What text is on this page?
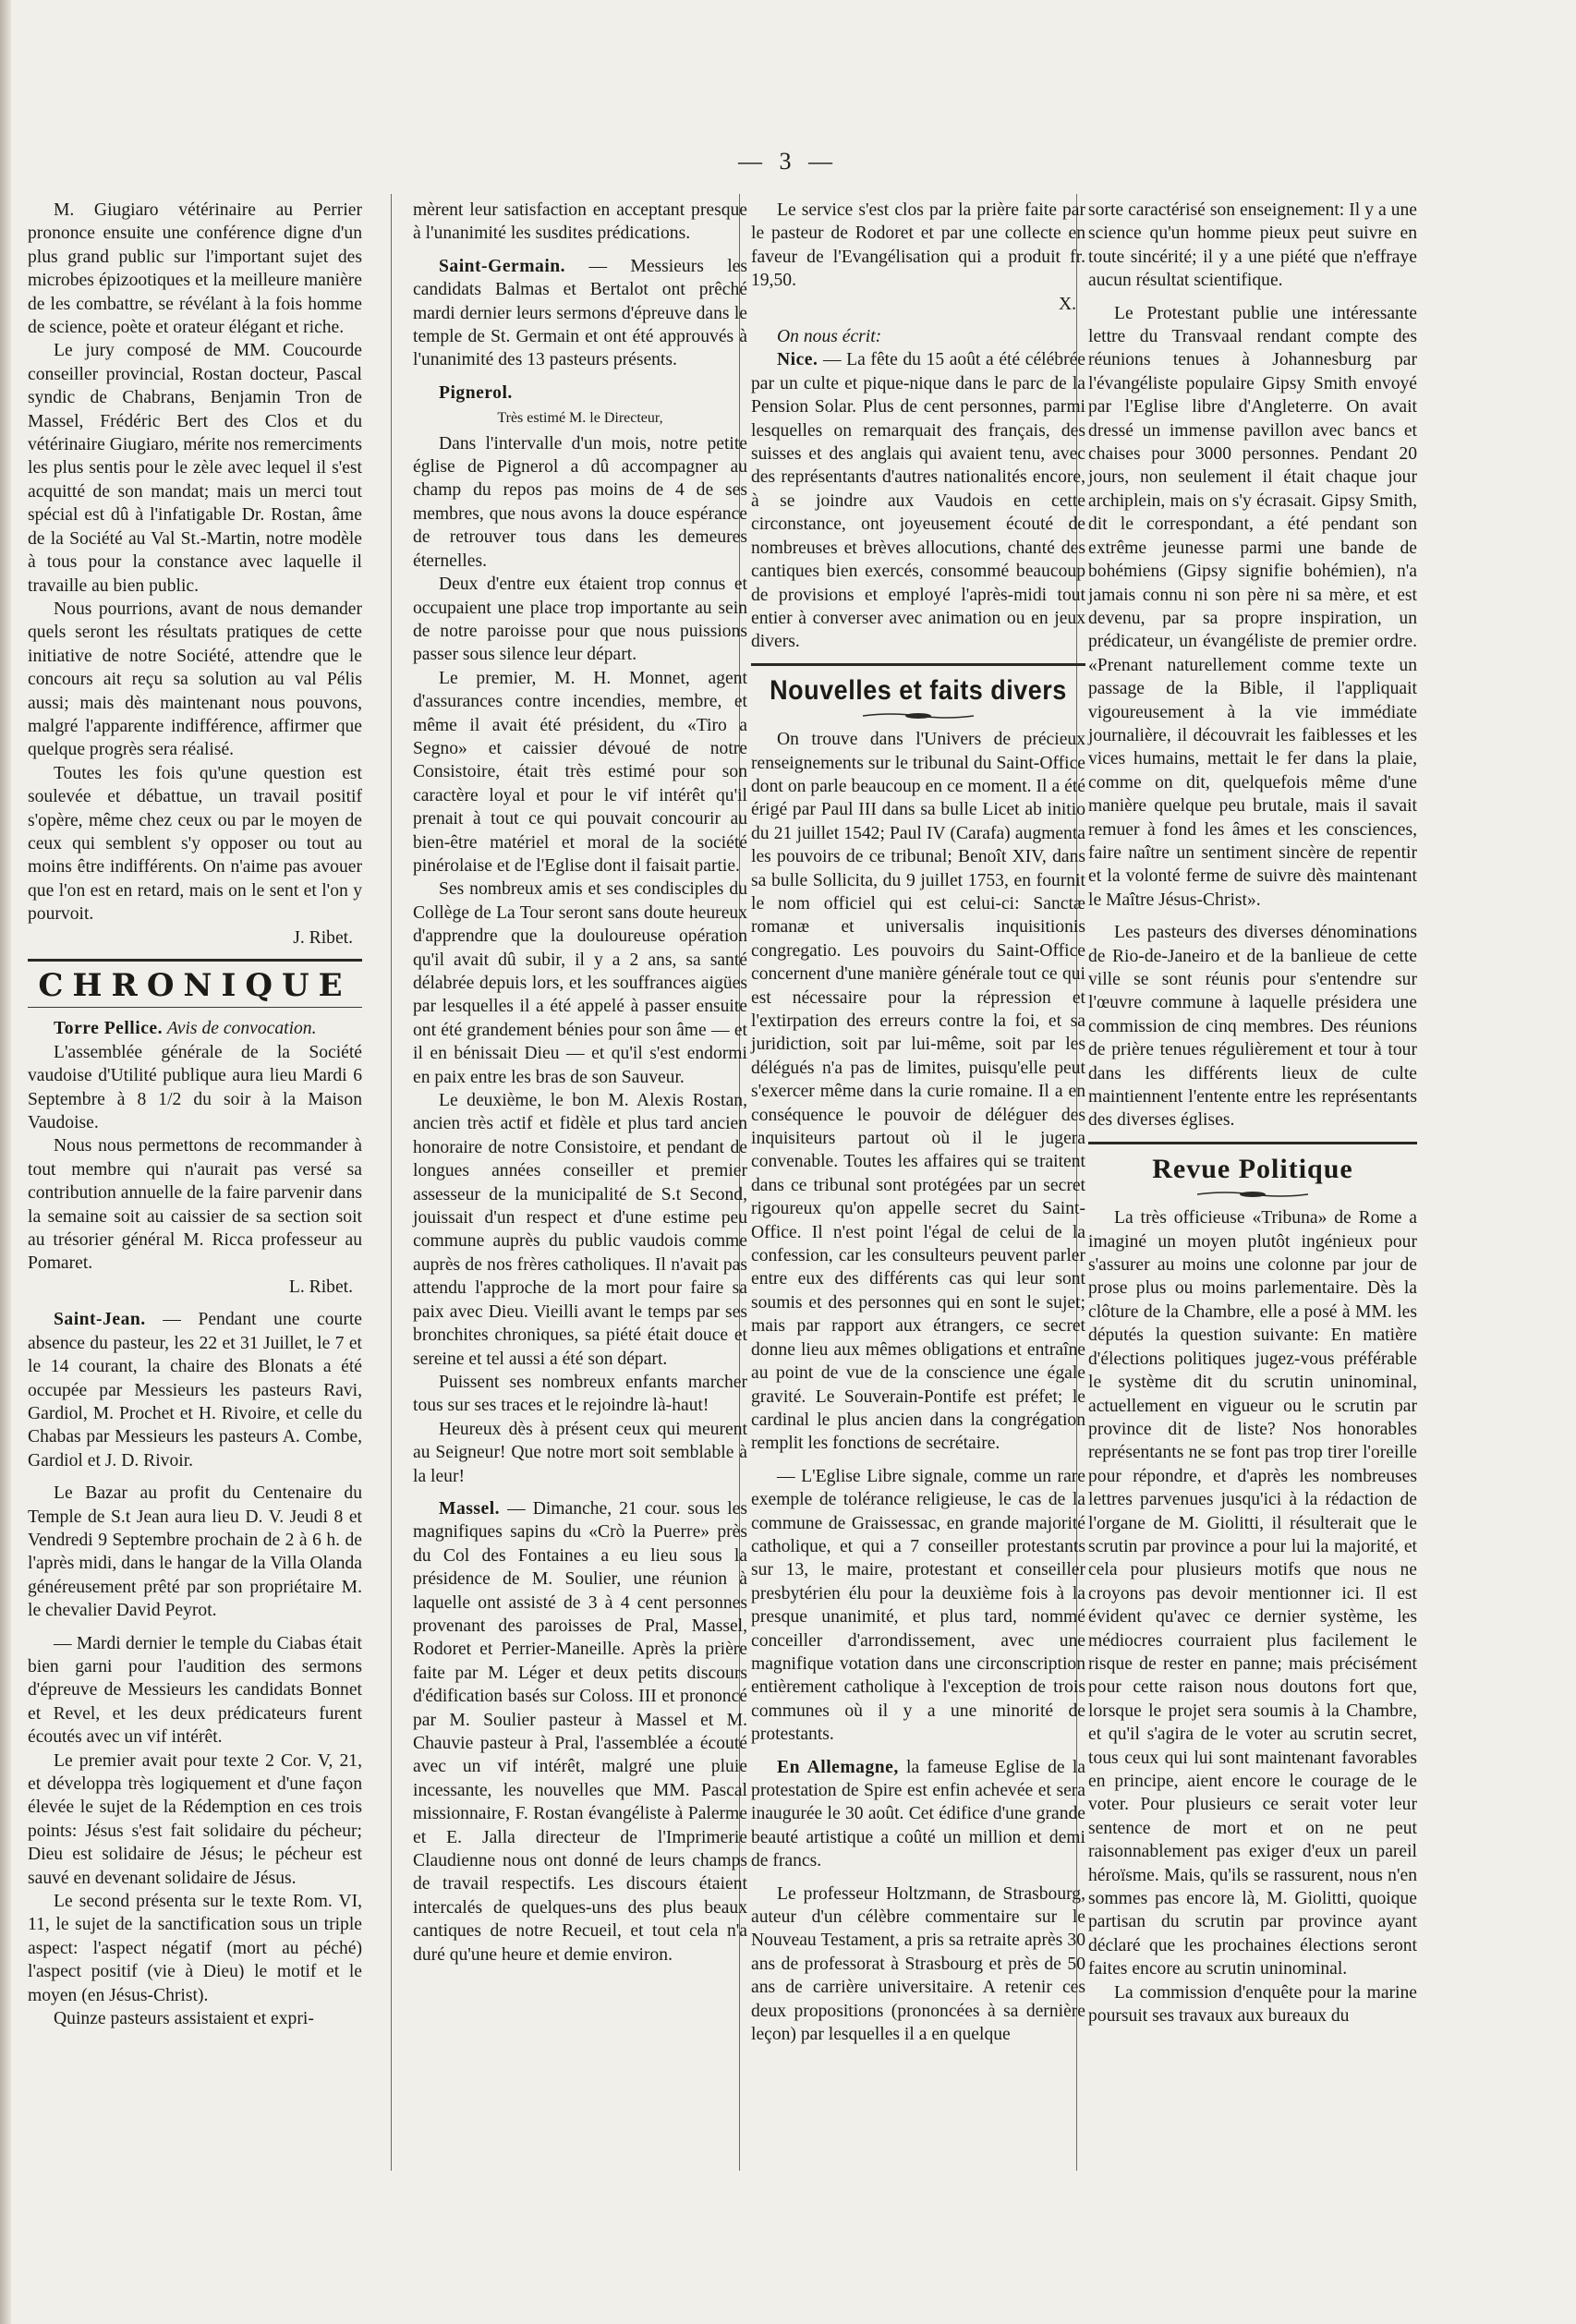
— 3 —

M. Giugiaro vétérinaire au Perrier prononce ensuite une conférence digne d'un plus grand public sur l'important sujet des microbes épizootiques et la meilleure manière de les combattre, se révélant à la fois homme de science, poète et orateur élégant et riche.

Le jury composé de MM. Coucourde conseiller provincial, Rostan docteur, Pascal syndic de Chabrans, Benjamin Tron de Massel, Frédéric Bert des Clos et du vétérinaire Giugiaro, mérite nos remerciments les plus sentis pour le zèle avec lequel il s'est acquitté de son mandat; mais un merci tout spécial est dû à l'infatigable Dr. Rostan, âme de la Société au Val St.-Martin, notre modèle à tous pour la constance avec laquelle il travaille au bien public.

Nous pourrions, avant de nous demander quels seront les résultats pratiques de cette initiative de notre Société, attendre que le concours ait reçu sa solution au val Pélis aussi; mais dès maintenant nous pouvons, malgré l'apparente indifférence, affirmer que quelque progrès sera réalisé.

Toutes les fois qu'une question est soulevée et débattue, un travail positif s'opère, même chez ceux ou par le moyen de ceux qui semblent s'y opposer ou tout au moins être indifférents. On n'aime pas avouer que l'on est en retard, mais on le sent et l'on y pourvoit.

J. Ribet.
CHRONIQUE

Torre Pellice. Avis de convocation.

L'assemblée générale de la Société vaudoise d'Utilité publique aura lieu Mardi 6 Septembre à 8 1/2 du soir à la Maison Vaudoise.

Nous nous permettons de recommander à tout membre qui n'aurait pas versé sa contribution annuelle de la faire parvenir dans la semaine soit au caissier de sa section soit au trésorier général M. Ricca professeur au Pomaret.

L. Ribet.

Saint-Jean. — Pendant une courte absence du pasteur, les 22 et 31 Juillet, le 7 et le 14 courant, la chaire des Blonats a été occupée par Messieurs les pasteurs Ravi, Gardiol, M. Prochet et H. Rivoire, et celle du Chabas par Messieurs les pasteurs A. Combe, Gardiol et J. D. Rivoir.

Le Bazar au profit du Centenaire du Temple de S.t Jean aura lieu D. V. Jeudi 8 et Vendredi 9 Septembre prochain de 2 à 6 h. de l'après midi, dans le hangar de la Villa Olanda généreusement prêté par son propriétaire M. le chevalier David Peyrot.

— Mardi dernier le temple du Ciabas était bien garni pour l'audition des sermons d'épreuve de Messieurs les candidats Bonnet et Revel, et les deux prédicateurs furent écoutés avec un vif intérêt.

Le premier avait pour texte 2 Cor. V, 21, et développa très logiquement et d'une façon élevée le sujet de la Rédemption en ces trois points: Jésus s'est fait solidaire du pécheur; Dieu est solidaire de Jésus; le pécheur est sauvé en devenant solidaire de Jésus.

Le second présenta sur le texte Rom. VI, 11, le sujet de la sanctification sous un triple aspect: l'aspect négatif (mort au péché) l'aspect positif (vie à Dieu) le motif et le moyen (en Jésus-Christ).

Quinze pasteurs assistaient et expri-

mèrent leur satisfaction en acceptant presque à l'unanimité les susdites prédications.

Saint-Germain. — Messieurs les candidats Balmas et Bertalot ont prêché mardi dernier leurs sermons d'épreuve dans le temple de St. Germain et ont été approuvés à l'unanimité des 13 pasteurs présents.

Pignerol.

Très estimé M. le Directeur,

Dans l'intervalle d'un mois, notre petite église de Pignerol a dû accompagner au champ du repos pas moins de 4 de ses membres, que nous avons la douce espérance de retrouver tous dans les demeures éternelles.

Deux d'entre eux étaient trop connus et occupaient une place trop importante au sein de notre paroisse pour que nous puissions passer sous silence leur départ.

Le premier, M. H. Monnet, agent d'assurances contre incendies, membre, et même il avait été président, du «Tiro a Segno» et caissier dévoué de notre Consistoire, était très estimé pour son caractère loyal et pour le vif intérêt qu'il prenait à tout ce qui pouvait concourir au bien-être matériel et moral de la société pinérolaise et de l'Eglise dont il faisait partie.

Ses nombreux amis et ses condisciples du Collège de La Tour seront sans doute heureux d'apprendre que la douloureuse opération qu'il avait dû subir, il y a 2 ans, sa santé délabrée depuis lors, et les souffrances aigües par lesquelles il a été appelé à passer ensuite ont été grandement bénies pour son âme — et il en bénissait Dieu — et qu'il s'est endormi en paix entre les bras de son Sauveur.

Le deuxième, le bon M. Alexis Rostan, ancien très actif et fidèle et plus tard ancien honoraire de notre Consistoire, et pendant de longues années conseiller et premier assesseur de la municipalité de S.t Second, jouissait d'un respect et d'une estime peu commune auprès du public vaudois comme auprès de nos frères catholiques. Il n'avait pas attendu l'approche de la mort pour faire sa paix avec Dieu. Vieilli avant le temps par ses bronchites chroniques, sa piété était douce et sereine et tel aussi a été son départ.

Puissent ses nombreux enfants marcher tous sur ses traces et le rejoindre là-haut!

Heureux dès à présent ceux qui meurent au Seigneur! Que notre mort soit semblable à la leur!

Massel. — Dimanche, 21 cour. sous les magnifiques sapins du «Crò la Puerre» près du Col des Fontaines a eu lieu sous la présidence de M. Soulier, une réunion à laquelle ont assisté de 3 à 4 cent personnes provenant des paroisses de Pral, Massel, Rodoret et Perrier-Maneille. Après la prière faite par M. Léger et deux petits discours d'édification basés sur Coloss. III et prononcé par M. Soulier pasteur à Massel et M. Chauvie pasteur à Pral, l'assemblée a écouté avec un vif intérêt, malgré une pluie incessante, les nouvelles que MM. Pascal missionnaire, F. Rostan évangéliste à Palerme et E. Jalla directeur de l'Imprimerie Claudienne nous ont donné de leurs champs de travail respectifs. Les discours étaient intercalés de quelques-uns des plus beaux cantiques de notre Recueil, et tout cela n'a duré qu'une heure et demie environ.

Le service s'est clos par la prière faite par le pasteur de Rodoret et par une collecte en faveur de l'Evangélisation qui a produit fr. 19,50.

X.

On nous écrit:

Nice. — La fête du 15 août a été célébrée par un culte et pique-nique dans le parc de la Pension Solar. Plus de cent personnes, parmi lesquelles on remarquait des français, des suisses et des anglais qui avaient tenu, avec des représentants d'autres nationalités encore, à se joindre aux Vaudois en cette circonstance, ont joyeusement écouté de nombreuses et brèves allocutions, chanté des cantiques bien exercés, consommé beaucoup de provisions et employé l'après-midi tout entier à converser avec animation ou en jeux divers.

Nouvelles et faits divers

On trouve dans l'Univers de précieux renseignements sur le tribunal du Saint-Office dont on parle beaucoup en ce moment. Il a été érigé par Paul III dans sa bulle Licet ab initio du 21 juillet 1542; Paul IV (Carafa) augmenta les pouvoirs de ce tribunal; Benoît XIV, dans sa bulle Sollicita, du 9 juillet 1753, en fournit le nom officiel qui est celui-ci: Sanctæ romanæ et universalis inquisitionis congregatio. Les pouvoirs du Saint-Office concernent d'une manière générale tout ce qui est nécessaire pour la répression et l'extirpation des erreurs contre la foi, et sa juridiction, soit par lui-même, soit par les délégués n'a pas de limites, puisqu'elle peut s'exercer même dans la curie romaine. Il a en conséquence le pouvoir de déléguer des inquisiteurs partout où il le jugera convenable. Toutes les affaires qui se traitent dans ce tribunal sont protégées par un secret rigoureux qu'on appelle secret du Saint-Office. Il n'est point l'égal de celui de la confession, car les consulteurs peuvent parler entre eux des différents cas qui leur sont soumis et des personnes qui en sont le sujet; mais par rapport aux étrangers, ce secret donne lieu aux mêmes obligations et entraîne au point de vue de la conscience une égale gravité. Le Souverain-Pontife est préfet; le cardinal le plus ancien dans la congrégation remplit les fonctions de secrétaire.

— L'Eglise Libre signale, comme un rare exemple de tolérance religieuse, le cas de la commune de Graissessac, en grande majorité catholique, et qui a 7 conseiller protestants sur 13, le maire, protestant et conseiller presbytérien élu pour la deuxième fois à la presque unanimité, et plus tard, nommé conceiller d'arrondissement, avec une magnifique votation dans une circonscription entièrement catholique à l'exception de trois communes où il y a une minorité de protestants.

En Allemagne, la fameuse Eglise de la protestation de Spire est enfin achevée et sera inaugurée le 30 août. Cet édifice d'une grande beauté artistique a coûté un million et demi de francs.

Le professeur Holtzmann, de Strasbourg, auteur d'un célèbre commentaire sur le Nouveau Testament, a pris sa retraite après 30 ans de professorat à Strasbourg et près de 50 ans de carrière universitaire. A retenir ces deux propositions (prononcées à sa dernière leçon) par lesquelles il a en quelque

sorte caractérisé son enseignement: Il y a une science qu'un homme pieux peut suivre en toute sincérité; il y a une piété que n'effraye aucun résultat scientifique.

Le Protestant publie une intéressante lettre du Transvaal rendant compte des réunions tenues à Johannesburg par l'évangéliste populaire Gipsy Smith envoyé par l'Eglise libre d'Angleterre. On avait dressé un immense pavillon avec bancs et chaises pour 3000 personnes. Pendant 20 jours, non seulement il était chaque jour archiplein, mais on s'y écrasait. Gipsy Smith, dit le correspondant, a été pendant son extrême jeunesse parmi une bande de bohémiens (Gipsy signifie bohémien), n'a jamais connu ni son père ni sa mère, et est devenu, par sa propre inspiration, un prédicateur, un évangéliste de premier ordre. «Prenant naturellement comme texte un passage de la Bible, il l'appliquait vigoureusement à la vie immédiate journalière, il découvrait les faiblesses et les vices humains, mettait le fer dans la plaie, comme on dit, quelquefois même d'une manière quelque peu brutale, mais il savait remuer à fond les âmes et les consciences, faire naître un sentiment sincère de repentir et la volonté ferme de suivre dès maintenant le Maître Jésus-Christ».

Les pasteurs des diverses dénominations de Rio-de-Janeiro et de la banlieue de cette ville se sont réunis pour s'entendre sur l'œuvre commune à laquelle présidera une commission de cinq membres. Des réunions de prière tenues régulièrement et tour à tour dans les différents lieux de culte maintiennent l'entente entre les représentants des diverses églises.

Revue Politique

La très officieuse «Tribuna» de Rome a imaginé un moyen plutôt ingénieux pour s'assurer au moins une colonne par jour de prose plus ou moins parlementaire. Dès la clôture de la Chambre, elle a posé à MM. les députés la question suivante: En matière d'élections politiques jugez-vous préférable le système dit du scrutin uninominal, actuellement en vigueur ou le scrutin par province dit de liste? Nos honorables représentants ne se font pas trop tirer l'oreille pour répondre, et d'après les nombreuses lettres parvenues jusqu'ici à la rédaction de l'organe de M. Giolitti, il résulterait que le scrutin par province a pour lui la majorité, et cela pour plusieurs motifs que nous ne croyons pas devoir mentionner ici. Il est évident qu'avec ce dernier système, les médiocres courraient plus facilement le risque de rester en panne; mais précisément pour cette raison nous doutons fort que, lorsque le projet sera soumis à la Chambre, et qu'il s'agira de le voter au scrutin secret, tous ceux qui lui sont maintenant favorables en principe, aient encore le courage de le voter. Pour plusieurs ce serait voter leur sentence de mort et on ne peut raisonnablement pas exiger d'eux un pareil héroïsme. Mais, qu'ils se rassurent, nous n'en sommes pas encore là, M. Giolitti, quoique partisan du scrutin par province ayant déclaré que les prochaines élections seront faites encore au scrutin uninominal.

La commission d'enquête pour la marine poursuit ses travaux aux bureaux du
